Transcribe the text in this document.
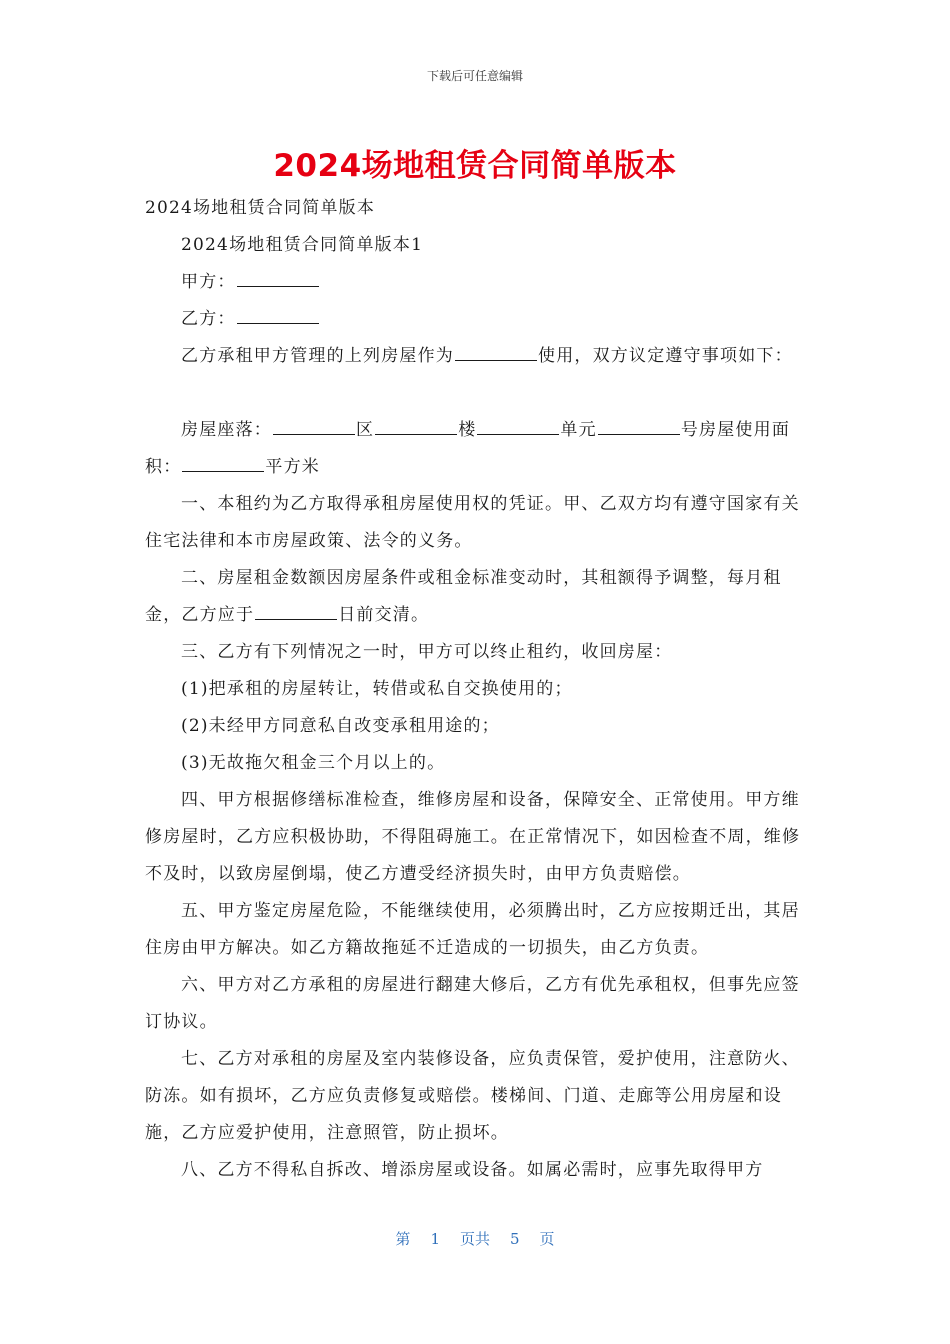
下载后可任意编辑
2024场地租赁合同简单版本

2024场地租赁合同简单版本

2024场地租赁合同简单版本1

甲方：

乙方：

乙方承租甲方管理的上列房屋作为	使用，双方议定遵守事项如下：

房屋座落：	区	楼	单元	号房屋使用面积：	平方米

一、本租约为乙方取得承租房屋使用权的凭证。甲、乙双方均有遵守国家有关住宅法律和本市房屋政策、法令的义务。

二、房屋租金数额因房屋条件或租金标准变动时，其租额得予调整，每月租金，乙方应于	日前交清。

三、乙方有下列情况之一时，甲方可以终止租约，收回房屋：

(1)把承租的房屋转让，转借或私自交换使用的；

(2)未经甲方同意私自改变承租用途的；

(3)无故拖欠租金三个月以上的。

四、甲方根据修缮标准检查，维修房屋和设备，保障安全、正常使用。甲方维修房屋时，乙方应积极协助，不得阻碍施工。在正常情况下，如因检查不周，维修不及时，以致房屋倒塌，使乙方遭受经济损失时，由甲方负责赔偿。

五、甲方鉴定房屋危险，不能继续使用，必须腾出时，乙方应按期迁出，其居住房由甲方解决。如乙方籍故拖延不迁造成的一切损失，由乙方负责。

六、甲方对乙方承租的房屋进行翻建大修后，乙方有优先承租权，但事先应签订协议。

七、乙方对承租的房屋及室内装修设备，应负责保管，爱护使用，注意防火、防冻。如有损坏，乙方应负责修复或赔偿。楼梯间、门道、走廊等公用房屋和设施，乙方应爱护使用，注意照管，防止损坏。

八、乙方不得私自拆改、增添房屋或设备。如属必需时，应事先取得甲方

第 1 页共 5 页
